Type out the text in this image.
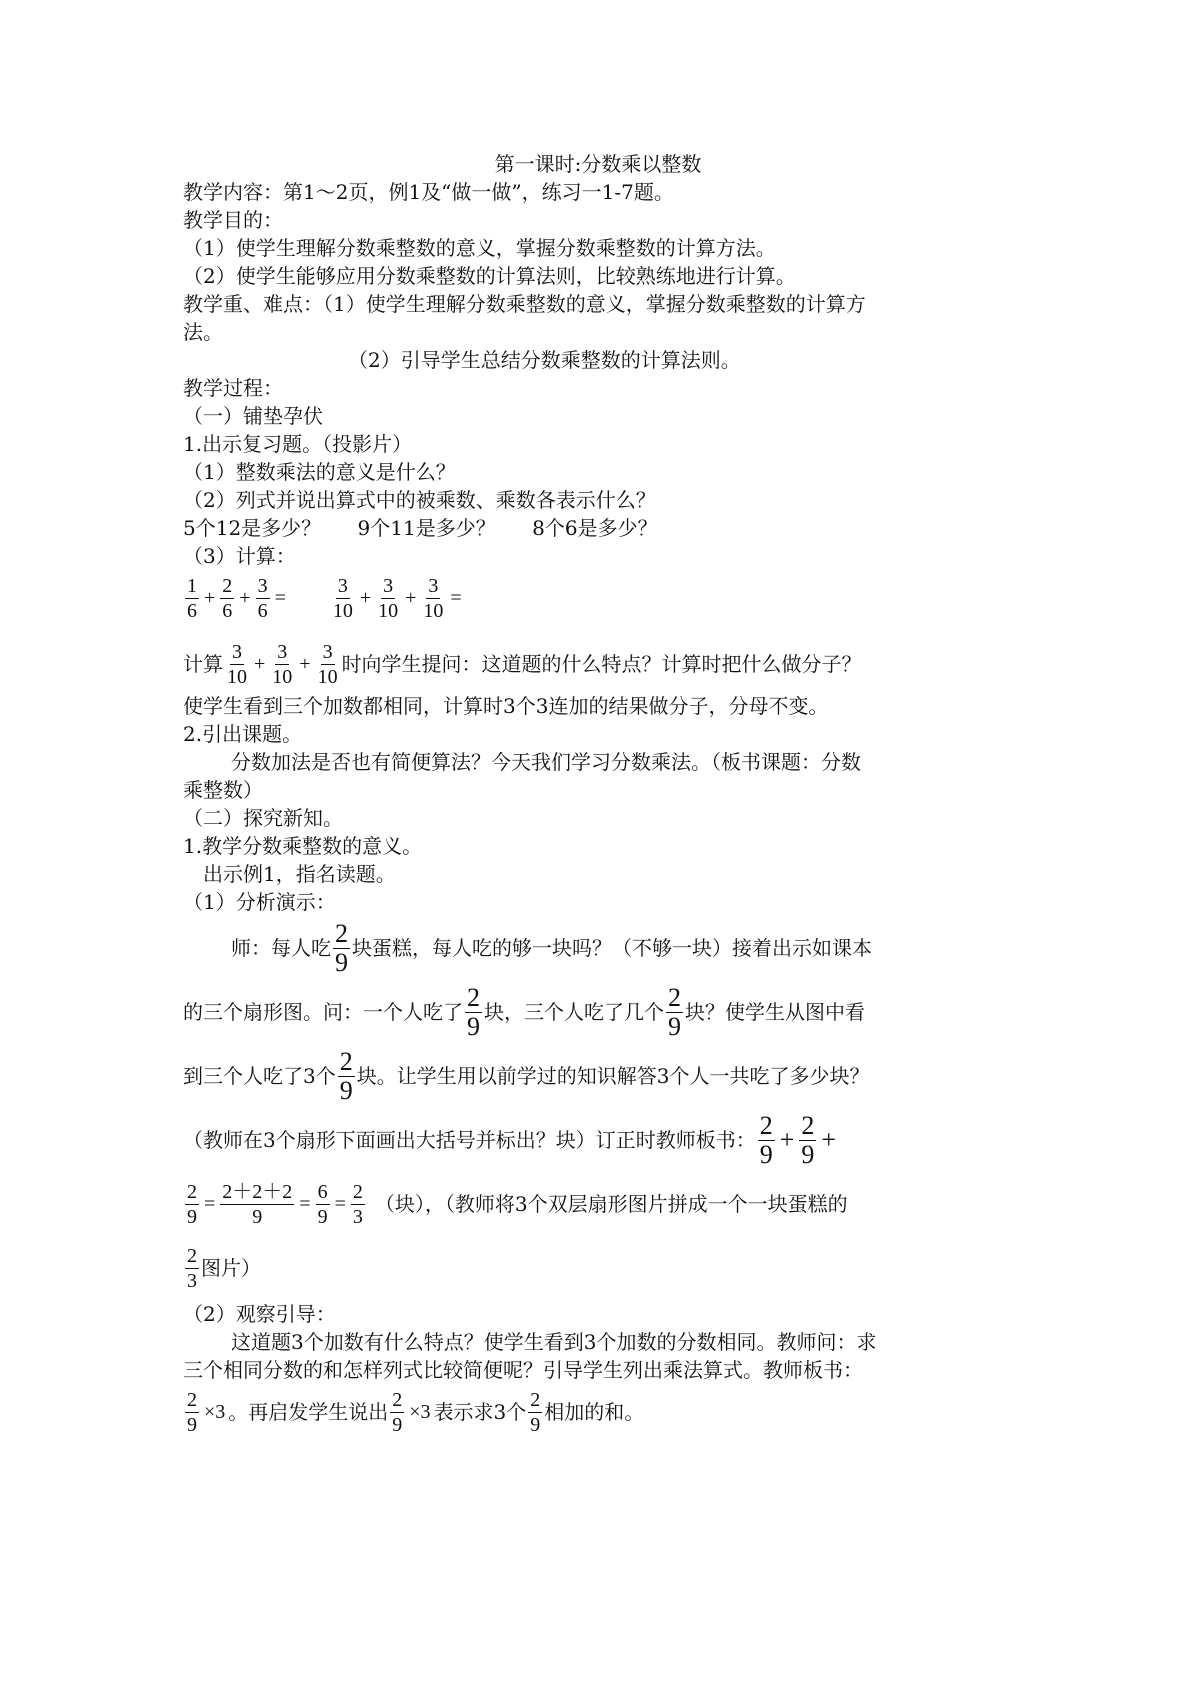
第一课时:分数乘以整数
教学内容：第1～2页，例1及“做一做”，练习一1-7题。
教学目的：
（1）使学生理解分数乘整数的意义，掌握分数乘整数的计算方法。
（2）使学生能够应用分数乘整数的计算法则，比较熟练地进行计算。
教学重、难点：（1）使学生理解分数乘整数的意义，掌握分数乘整数的计算方
法。
（2）引导学生总结分数乘整数的计算法则。
教学过程：
（一）铺垫孕伏
1.出示复习题。（投影片）
（1）整数乘法的意义是什么？
（2）列式并说出算式中的被乘数、乘数各表示什么？
5个12是多少？ 9个11是多少？ 8个6是多少？
（3）计算：
$\frac{1}{6} + \frac{2}{6} + \frac{3}{6} = \frac{3}{10} + \frac{3}{10} + \frac{3}{10}$ =
计算 $\frac{3}{10} + \frac{3}{10} + \frac{3}{10}$ 时向学生提问：这道题的什么特点？计算时把什么做分子？
使学生看到三个加数都相同，计算时3个3连加的结果做分子，分母不变。
2.引出课题。
分数加法是否也有简便算法？今天我们学习分数乘法。（板书课题：分数
乘整数）
（二）探究新知。
1.教学分数乘整数的意义。
出示例1，指名读题。
（1）分析演示：
师：每人吃 $\frac{2}{9}$ 块蛋糕，每人吃的够一块吗？（不够一块）接着出示如课本
的三个扇形图。问：一个人吃了 $\frac{2}{9}$ 块，三个人吃了几个 $\frac{2}{9}$ 块？使学生从图中看
到三个人吃了3个 $\frac{2}{9}$ 块。让学生用以前学过的知识解答3个人一共吃了多少块？
（教师在3个扇形下面画出大括号并标出？块）订正时教师板书： $\frac{2}{9} + \frac{2}{9}$ +
$\frac{2}{9} = \frac{2+2+2}{9} = \frac{6}{9} = \frac{2}{3}$ （块），（教师将3个双层扇形图片拼成一个一块蛋糕的
$\frac{2}{3}$ 图片）
（2）观察引导：
这道题3个加数有什么特点？使学生看到3个加数的分数相同。教师问：求
三个相同分数的和怎样列式比较简便呢？引导学生列出乘法算式。教师板书：
$\frac{2}{9} \times 3$ 。再启发学生说出 $\frac{2}{9} \times 3$ 表示求3个 $\frac{2}{9}$ 相加的和。
